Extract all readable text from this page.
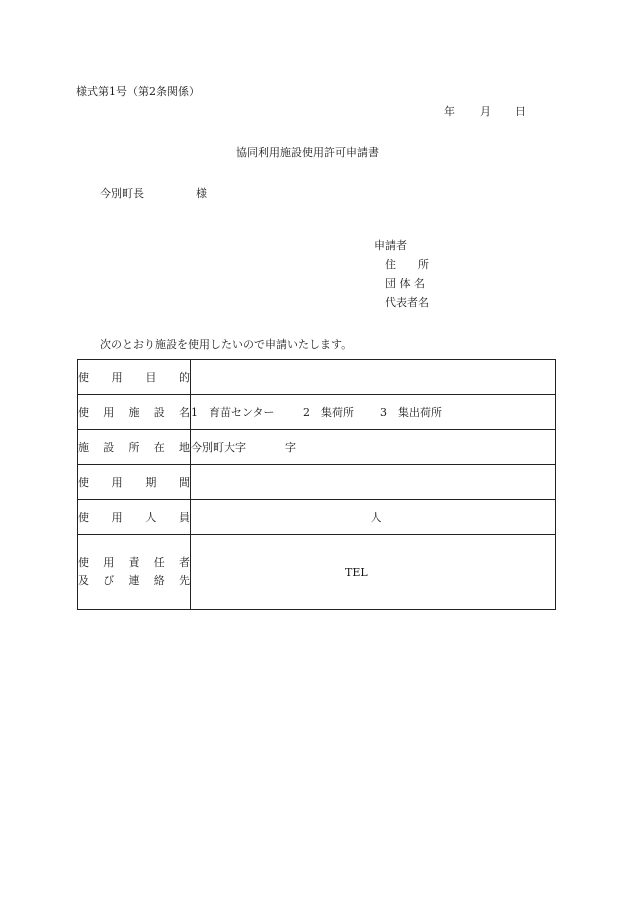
様式第1号（第2条関係）
年 月 日
協同利用施設使用許可申請書
今別町長	様
申請者
住　　所
団 体 名
代表者名
次のとおり施設を使用したいので申請いたします。
使用目的	
使用施設名	1　育苗センター 2　集荷所 3　集出荷所
施設所在地	今別町大字 字
使用期間	
使用人員	人

使用責任者
及び連絡先	TEL
